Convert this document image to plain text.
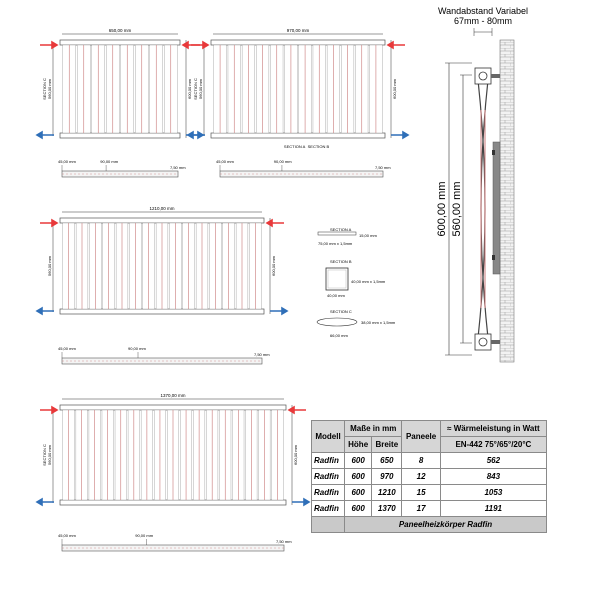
650,00 mm
560,00 mm	600,00 mm
SECTION C
970,00 mm
560,00 mm	600,00 mm
SECTION C
SECTION A SECTION B
1210,00 mm
560,00 mm	600,00 mm
1370,00 mm
560,00 mm	600,00 mm
SECTION C
45,00 mm	90,00 mm
7,50 mm
45,00 mm	90,00 mm
7,50 mm
45,00 mm	90,00 mm
7,50 mm
45,00 mm	90,00 mm
7,50 mm
SECTION A
15,00 mm
75,00 mm x 1,5mm
SECTION B
40,00 mm x 1,5mm
40,00 mm
SECTION C
38,00 mm x 1,5mm
66,00 mm
Wandabstand Variabel
67mm - 80mm
600,00 mm 560,00 mm
Modell	Maße in mm		Paneele	≈ Wärmeleistung in Watt
	Höhe	Breite		EN-442 75°/65°/20°C
Radfin	600	650	8	562
Radfin	600	970	12	843
Radfin	600	1210	15	1053
Radfin	600	1370	17	1191
	Paneelheizkörper Radfin			
